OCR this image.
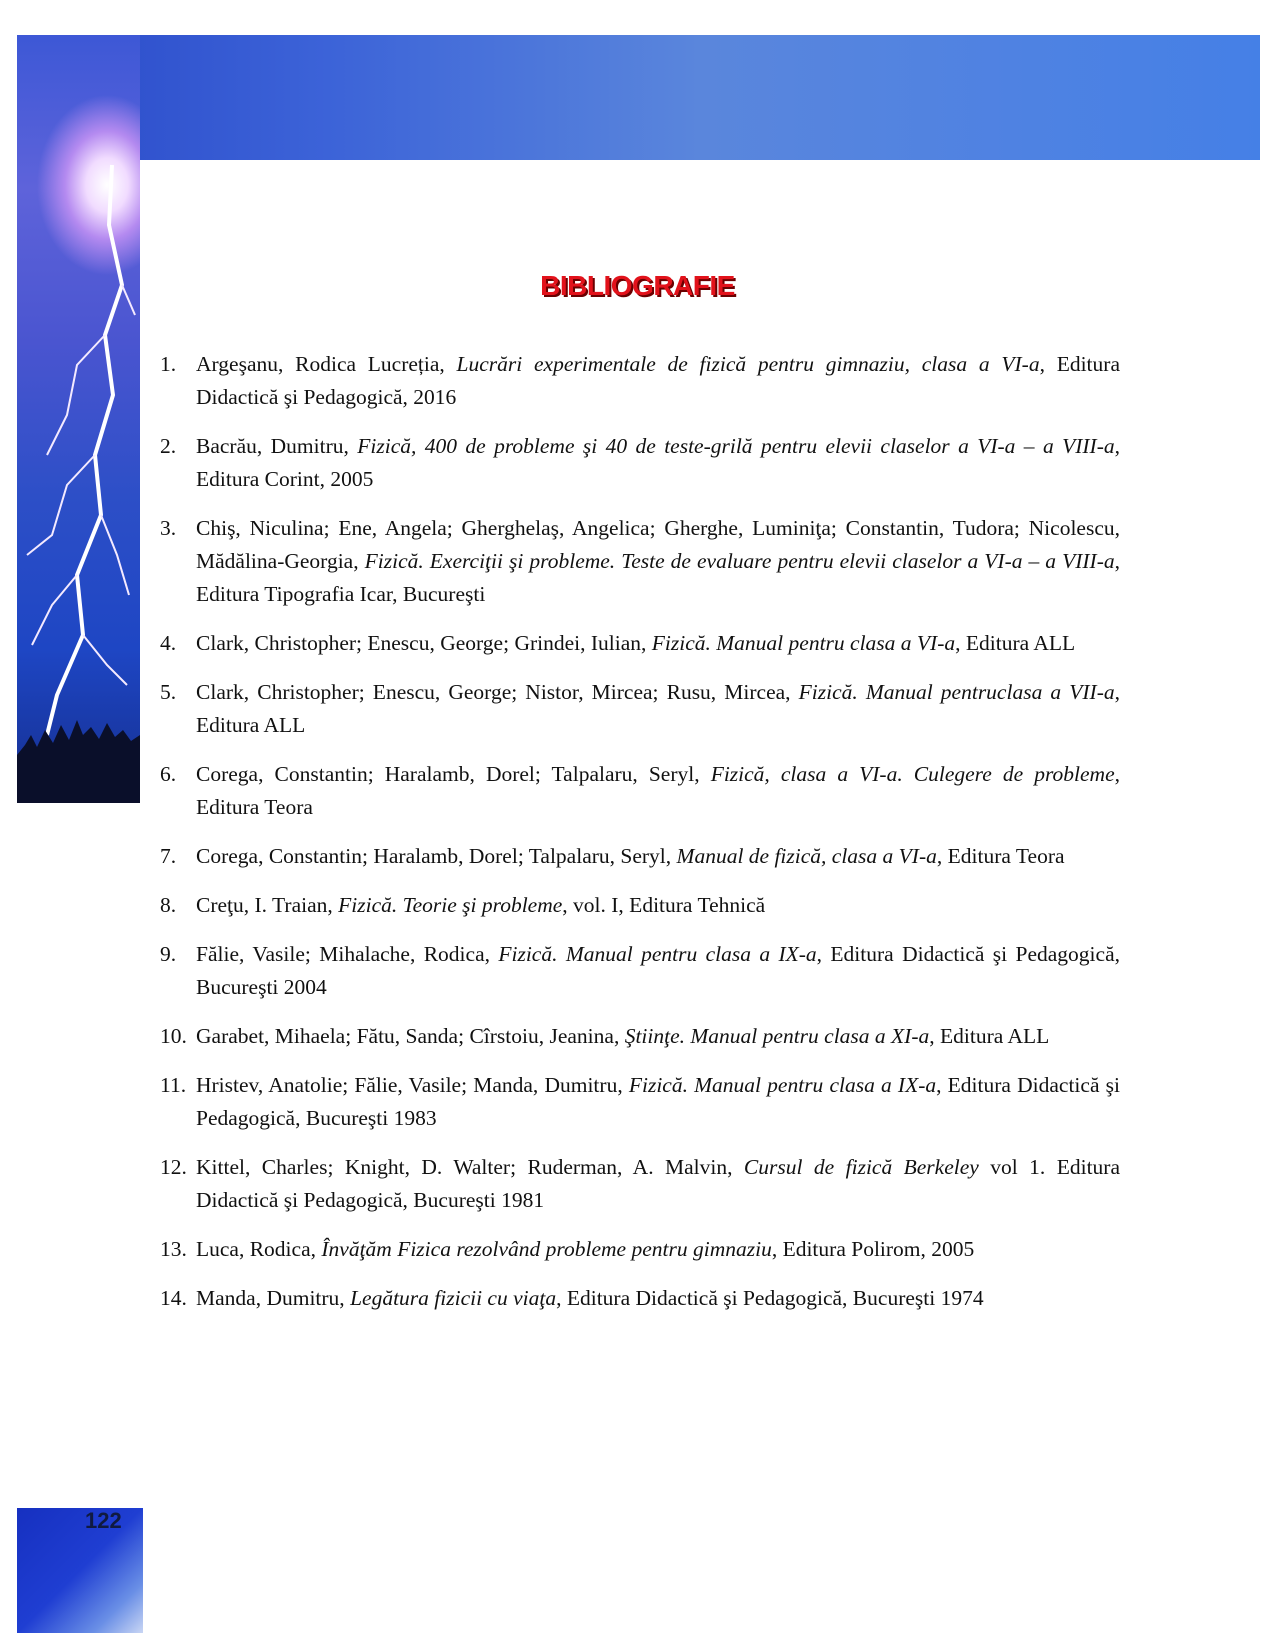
122
BIBLIOGRAFIE
1. Argeşanu, Rodica Lucreția, Lucrări experimentale de fizică pentru gimnaziu, clasa a VI-a, Editura Didactică şi Pedagogică, 2016
2. Bacrău, Dumitru, Fizică, 400 de probleme şi 40 de teste-grilă pentru elevii claselor a VI-a – a VIII-a, Editura Corint, 2005
3. Chiş, Niculina; Ene, Angela; Gherghelaş, Angelica; Gherghe, Luminiţa; Constantin, Tudora; Nicolescu, Mădălina-Georgia, Fizică. Exerciţii şi probleme. Teste de evaluare pentru elevii claselor a VI-a – a VIII-a, Editura Tipografia Icar, Bucureşti
4. Clark, Christopher; Enescu, George; Grindei, Iulian, Fizică. Manual pentru clasa a VI-a, Editura ALL
5. Clark, Christopher; Enescu, George; Nistor, Mircea; Rusu, Mircea, Fizică. Manual pentruclasa a VII-a, Editura ALL
6. Corega, Constantin; Haralamb, Dorel; Talpalaru, Seryl, Fizică, clasa a VI-a. Culegere de probleme, Editura Teora
7. Corega, Constantin; Haralamb, Dorel; Talpalaru, Seryl, Manual de fizică, clasa a VI-a, Editura Teora
8. Creţu, I. Traian, Fizică. Teorie şi probleme, vol. I, Editura Tehnică
9. Fălie, Vasile; Mihalache, Rodica, Fizică. Manual pentru clasa a IX-a, Editura Didactică şi Pedagogică, Bucureşti 2004
10. Garabet, Mihaela; Fătu, Sanda; Cîrstoiu, Jeanina, Ştiinţe. Manual pentru clasa a XI-a, Editura ALL
11. Hristev, Anatolie; Fălie, Vasile; Manda, Dumitru, Fizică. Manual pentru clasa a IX-a, Editura Didactică şi Pedagogică, Bucureşti 1983
12. Kittel, Charles; Knight, D. Walter; Ruderman, A. Malvin, Cursul de fizică Berkeley vol 1. Editura Didactică şi Pedagogică, Bucureşti 1981
13. Luca, Rodica, Învăţăm Fizica rezolvând probleme pentru gimnaziu, Editura Polirom, 2005
14. Manda, Dumitru, Legătura fizicii cu viaţa, Editura Didactică şi Pedagogică, Bucureşti 1974
